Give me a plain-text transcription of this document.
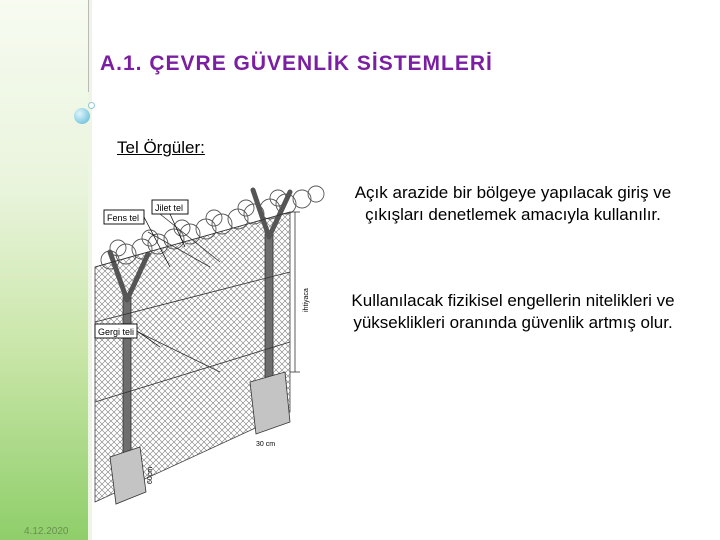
A.1. ÇEVRE GÜVENLİK SİSTEMLERİ
Tel Örgüler:
Açık arazide bir bölgeye yapılacak giriş ve çıkışları denetlemek amacıyla kullanılır.
Kullanılacak fizikisel engellerin nitelikleri ve yükseklikleri oranında güvenlik artmış olur.
4.12.2020
Fens tel
Jilet tel
Gergi teli
ihtiyaca
30 cm
60cm
